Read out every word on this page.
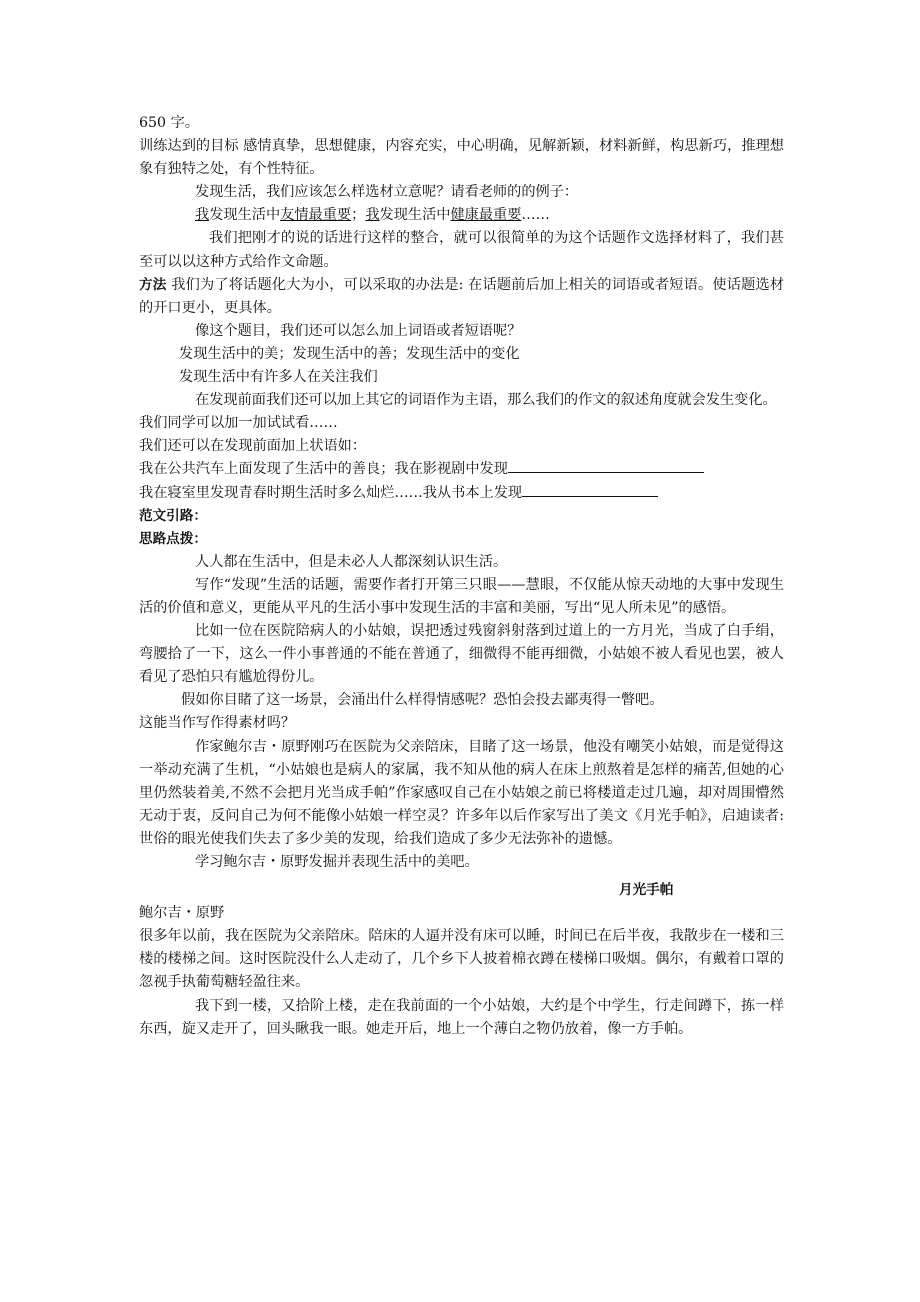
650 字。

训练达到的目标 感情真挚，思想健康，内容充实，中心明确，见解新颖，材料新鲜，构思新巧，推理想象有独特之处，有个性特征。

发现生活，我们应该怎么样选材立意呢？请看老师的的例子：

我发现生活中友情最重要；我发现生活中健康最重要……

我们把刚才的说的话进行这样的整合，就可以很简单的为这个话题作文选择材料了，我们甚至可以以这种方式给作文命题。

方法 我们为了将话题化大为小，可以采取的办法是: 在话题前后加上相关的词语或者短语。使话题选材的开口更小，更具体。

像这个题目，我们还可以怎么加上词语或者短语呢？

发现生活中的美；发现生活中的善；发现生活中的变化

发现生活中有许多人在关注我们

在发现前面我们还可以加上其它的词语作为主语，那么我们的作文的叙述角度就会发生变化。

我们同学可以加一加试试看……

我们还可以在发现前面加上状语如：

我在公共汽车上面发现了生活中的善良；我在影视剧中发现

我在寝室里发现青春时期生活时多么灿烂……我从书本上发现

范文引路：

思路点拨：

人人都在生活中，但是未必人人都深刻认识生活。

写作“发现”生活的话题，需要作者打开第三只眼——慧眼，不仅能从惊天动地的大事中发现生活的价值和意义，更能从平凡的生活小事中发现生活的丰富和美丽，写出“见人所未见”的感悟。

比如一位在医院陪病人的小姑娘，误把透过残窗斜射落到过道上的一方月光，当成了白手绢，弯腰拾了一下，这么一件小事普通的不能在普通了，细微得不能再细微，小姑娘不被人看见也罢，被人看见了恐怕只有尴尬得份儿。

假如你目睹了这一场景，会涌出什么样得情感呢？恐怕会投去鄙夷得一瞥吧。

这能当作写作得素材吗？

作家鲍尔吉・原野刚巧在医院为父亲陪床，目睹了这一场景，他没有嘲笑小姑娘，而是觉得这一举动充满了生机，“小姑娘也是病人的家属，我不知从他的病人在床上煎熬着是怎样的痛苦,但她的心里仍然装着美,不然不会把月光当成手帕”作家感叹自己在小姑娘之前已将楼道走过几遍，却对周围懵然无动于衷，反问自己为何不能像小姑娘一样空灵？许多年以后作家写出了美文《月光手帕》，启迪读者: 世俗的眼光使我们失去了多少美的发现，给我们造成了多少无法弥补的遗憾。

学习鲍尔吉・原野发掘并表现生活中的美吧。

月光手帕

鲍尔吉・原野

很多年以前，我在医院为父亲陪床。陪床的人逼并没有床可以睡，时间已在后半夜，我散步在一楼和三楼的楼梯之间。这时医院没什么人走动了，几个乡下人披着棉衣蹲在楼梯口吸烟。偶尔，有戴着口罩的忽视手执葡萄糖轻盈往来。

我下到一楼，又拾阶上楼，走在我前面的一个小姑娘，大约是个中学生，行走间蹲下，拣一样东西，旋又走开了，回头瞅我一眼。她走开后，地上一个薄白之物仍放着，像一方手帕。
